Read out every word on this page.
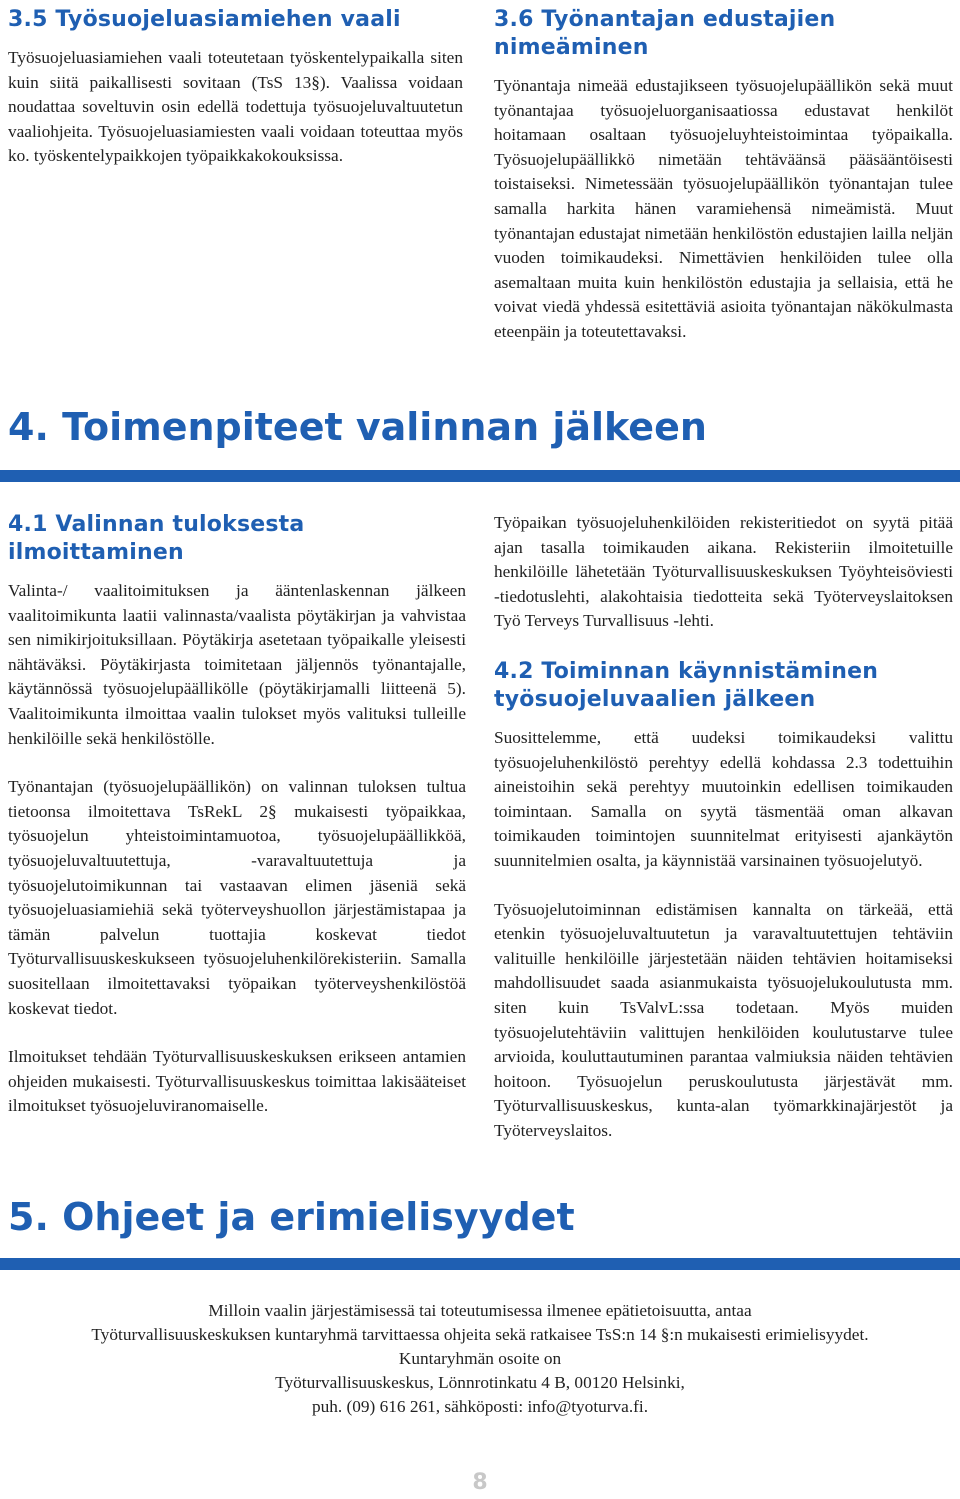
3.5 Työsuojeluasiamiehen vaali

Työsuojeluasiamiehen vaali toteutetaan työskentelypaikalla siten kuin siitä paikallisesti sovitaan (TsS 13§). Vaalissa voidaan noudattaa soveltuvin osin edellä todettuja työsuojeluvaltuutetun vaaliohjeita. Työsuojeluasiamiesten vaali voidaan toteuttaa myös ko. työskentelypaikkojen työpaikkakokouksissa.

3.6 Työnantajan edustajien nimeäminen

Työnantaja nimeää edustajikseen työsuojelupäällikön sekä muut työnantajaa työsuojeluorganisaatiossa edustavat henkilöt hoitamaan osaltaan työsuojeluyhteistoimintaa työpaikalla. Työsuojelupäällikkö nimetään tehtäväänsä pääsääntöisesti toistaiseksi. Nimetessään työsuojelupäällikön työnantajan tulee samalla harkita hänen varamiehensä nimeämistä. Muut työnantajan edustajat nimetään henkilöstön edustajien lailla neljän vuoden toimikaudeksi. Nimettävien henkilöiden tulee olla asemaltaan muita kuin henkilöstön edustajia ja sellaisia, että he voivat viedä yhdessä esitettäviä asioita työnantajan näkökulmasta eteenpäin ja toteutettavaksi.

4. Toimenpiteet valinnan jälkeen
4.1 Valinnan tuloksesta ilmoittaminen

Valinta-/ vaalitoimituksen ja ääntenlaskennan jälkeen vaalitoimikunta laatii valinnasta/vaalista pöytäkirjan ja vahvistaa sen nimikirjoituksillaan. Pöytäkirja asetetaan työpaikalle yleisesti nähtäväksi. Pöytäkirjasta toimitetaan jäljennös työnantajalle, käytännössä työsuojelupäällikölle (pöytäkirjamalli liitteenä 5). Vaalitoimikunta ilmoittaa vaalin tulokset myös valituksi tulleille henkilöille sekä henkilöstölle.

Työnantajan (työsuojelupäällikön) on valinnan tuloksen tultua tietoonsa ilmoitettava TsRekL 2§ mukaisesti työpaikkaa, työsuojelun yhteistoimintamuotoa, työsuojelupäällikköä, työsuojeluvaltuutettuja, -varavaltuutettuja ja työsuojelutoimikunnan tai vastaavan elimen jäseniä sekä työsuojeluasiamiehiä sekä työterveyshuollon järjestämistapaa ja tämän palvelun tuottajia koskevat tiedot Työturvallisuuskeskukseen työsuojeluhenkilörekisteriin. Samalla suositellaan ilmoitettavaksi työpaikan työterveyshenkilöstöä koskevat tiedot.

Ilmoitukset tehdään Työturvallisuuskeskuksen erikseen antamien ohjeiden mukaisesti. Työturvallisuuskeskus toimittaa lakisääteiset ilmoitukset työsuojeluviranomaiselle.

Työpaikan työsuojeluhenkilöiden rekisteritiedot on syytä pitää ajan tasalla toimikauden aikana. Rekisteriin ilmoitetuille henkilöille lähetetään Työturvallisuuskeskuksen Työyhteisöviesti -tiedotuslehti, alakohtaisia tiedotteita sekä Työterveyslaitoksen Työ Terveys Turvallisuus -lehti.

4.2 Toiminnan käynnistäminen työsuojeluvaalien jälkeen

Suosittelemme, että uudeksi toimikaudeksi valittu työsuojeluhenkilöstö perehtyy edellä kohdassa 2.3 todettuihin aineistoihin sekä perehtyy muutoinkin edellisen toimikauden toimintaan. Samalla on syytä täsmentää oman alkavan toimikauden toimintojen suunnitelmat erityisesti ajankäytön suunnitelmien osalta, ja käynnistää varsinainen työsuojelutyö.

Työsuojelutoiminnan edistämisen kannalta on tärkeää, että etenkin työsuojeluvaltuutetun ja varavaltuutettujen tehtäviin valituille henkilöille järjestetään näiden tehtävien hoitamiseksi mahdollisuudet saada asianmukaista työsuojelukoulutusta mm. siten kuin TsValvL:ssa todetaan. Myös muiden työsuojelutehtäviin valittujen henkilöiden koulutustarve tulee arvioida, kouluttautuminen parantaa valmiuksia näiden tehtävien hoitoon. Työsuojelun peruskoulutusta järjestävät mm. Työturvallisuuskeskus, kunta-alan työmarkkinajärjestöt ja Työterveyslaitos.

5. Ohjeet ja erimielisyydet
Milloin vaalin järjestämisessä tai toteutumisessa ilmenee epätietoisuutta, antaa
Työturvallisuuskeskuksen kuntaryhmä tarvittaessa ohjeita sekä ratkaisee TsS:n 14 §:n mukaisesti erimielisyydet.
Kuntaryhmän osoite on
Työturvallisuuskeskus, Lönnrotinkatu 4 B, 00120 Helsinki,
puh. (09) 616 261, sähköposti: info@tyoturva.fi.
8
